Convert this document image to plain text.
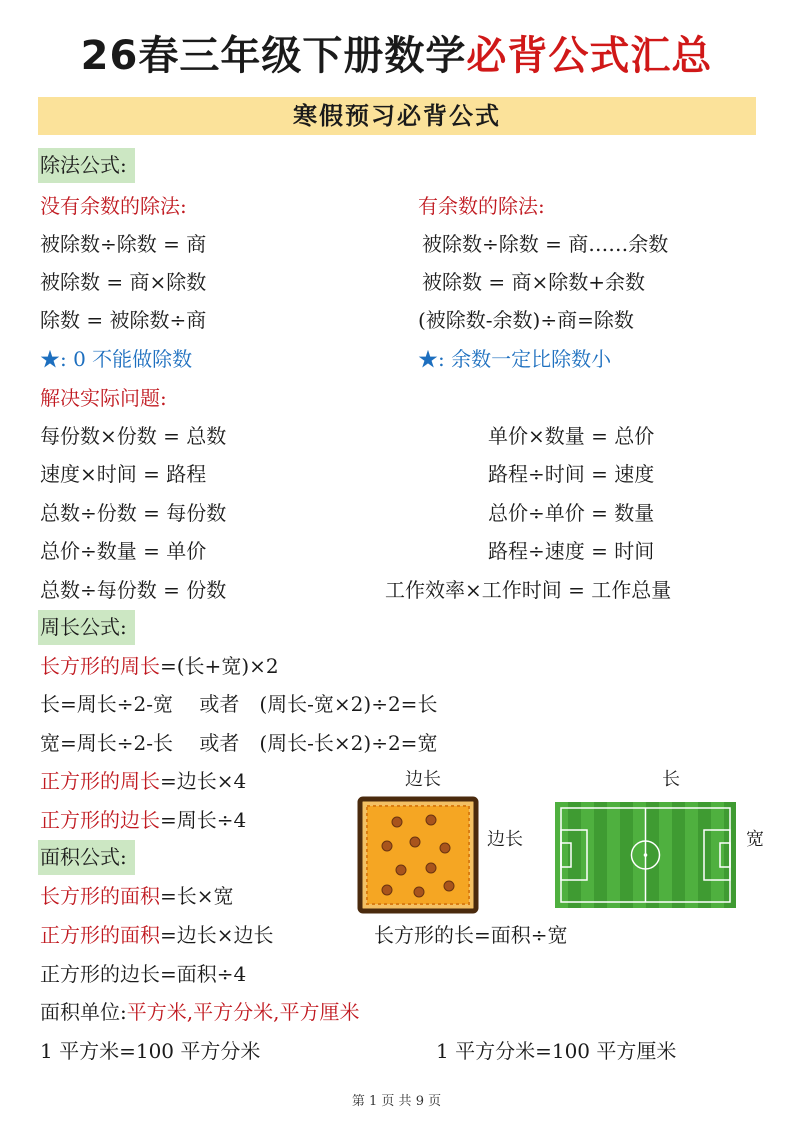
26春三年级下册数学必背公式汇总
寒假预习必背公式
除法公式:
没有余数的除法:
被除数÷除数 = 商
被除数 = 商×除数
除数 = 被除数÷商
★: 0 不能做除数
有余数的除法:
被除数÷除数 = 商……余数
被除数 = 商×除数+余数
(被除数-余数)÷商=除数
★: 余数一定比除数小
解决实际问题:
每份数×份数 = 总数
速度×时间 = 路程
总数÷份数 = 每份数
总价÷数量 = 单价
总数÷每份数 = 份数
单价×数量 = 总价
路程÷时间 = 速度
总价÷单价 = 数量
路程÷速度 = 时间
工作效率×工作时间 = 工作总量
周长公式:
长方形的周长=(长+宽)×2
长=周长÷2-宽　 或者　(周长-宽×2)÷2=长
宽=周长÷2-长　 或者　(周长-长×2)÷2=宽
正方形的周长=边长×4
正方形的边长=周长÷4
边长
边长
长
宽
面积公式:
长方形的面积=长×宽
正方形的面积=边长×边长	长方形的长=面积÷宽
正方形的边长=面积÷4
面积单位:平方米,平方分米,平方厘米
1 平方米=100 平方分米	1 平方分米=100 平方厘米
第 1 页 共 9 页
